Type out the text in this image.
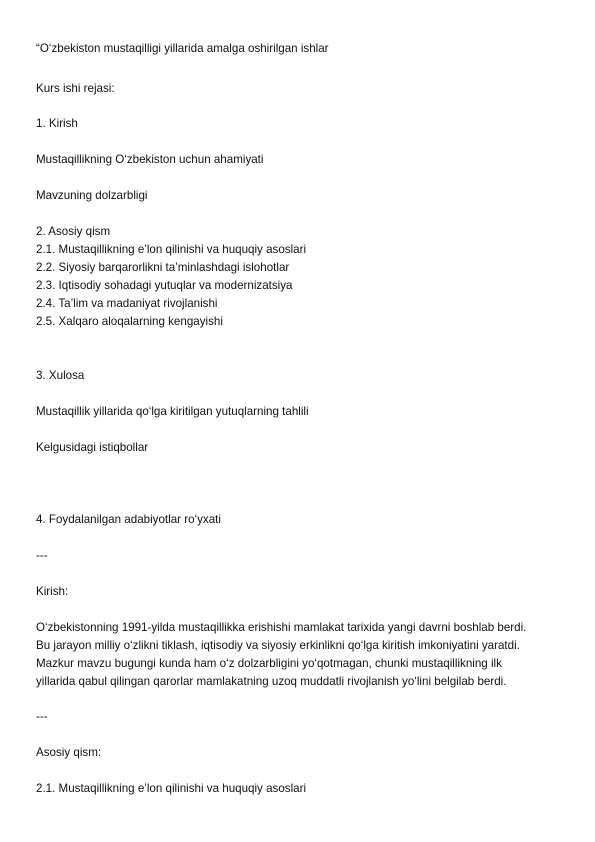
“O‘zbekiston mustaqilligi yillarida amalga oshirilgan ishlar

Kurs ishi rejasi:

1. Kirish

Mustaqillikning O‘zbekiston uchun ahamiyati

Mavzuning dolzarbligi

2. Asosiy qism

2.1. Mustaqillikning e’lon qilinishi va huquqiy asoslari

2.2. Siyosiy barqarorlikni ta’minlashdagi islohotlar

2.3. Iqtisodiy sohadagi yutuqlar va modernizatsiya

2.4. Ta’lim va madaniyat rivojlanishi

2.5. Xalqaro aloqalarning kengayishi

3. Xulosa

Mustaqillik yillarida qo‘lga kiritilgan yutuqlarning tahlili

Kelgusidagi istiqbollar

4. Foydalanilgan adabiyotlar ro‘yxati

---

Kirish:

O‘zbekistonning 1991-yilda mustaqillikka erishishi mamlakat tarixida yangi davrni boshlab berdi.

Bu jarayon milliy o‘zlikni tiklash, iqtisodiy va siyosiy erkinlikni qo‘lga kiritish imkoniyatini yaratdi.

Mazkur mavzu bugungi kunda ham o‘z dolzarbligini yo‘qotmagan, chunki mustaqillikning ilk

yillarida qabul qilingan qarorlar mamlakatning uzoq muddatli rivojlanish yo‘lini belgilab berdi.

---

Asosiy qism:

2.1. Mustaqillikning e’lon qilinishi va huquqiy asoslari
